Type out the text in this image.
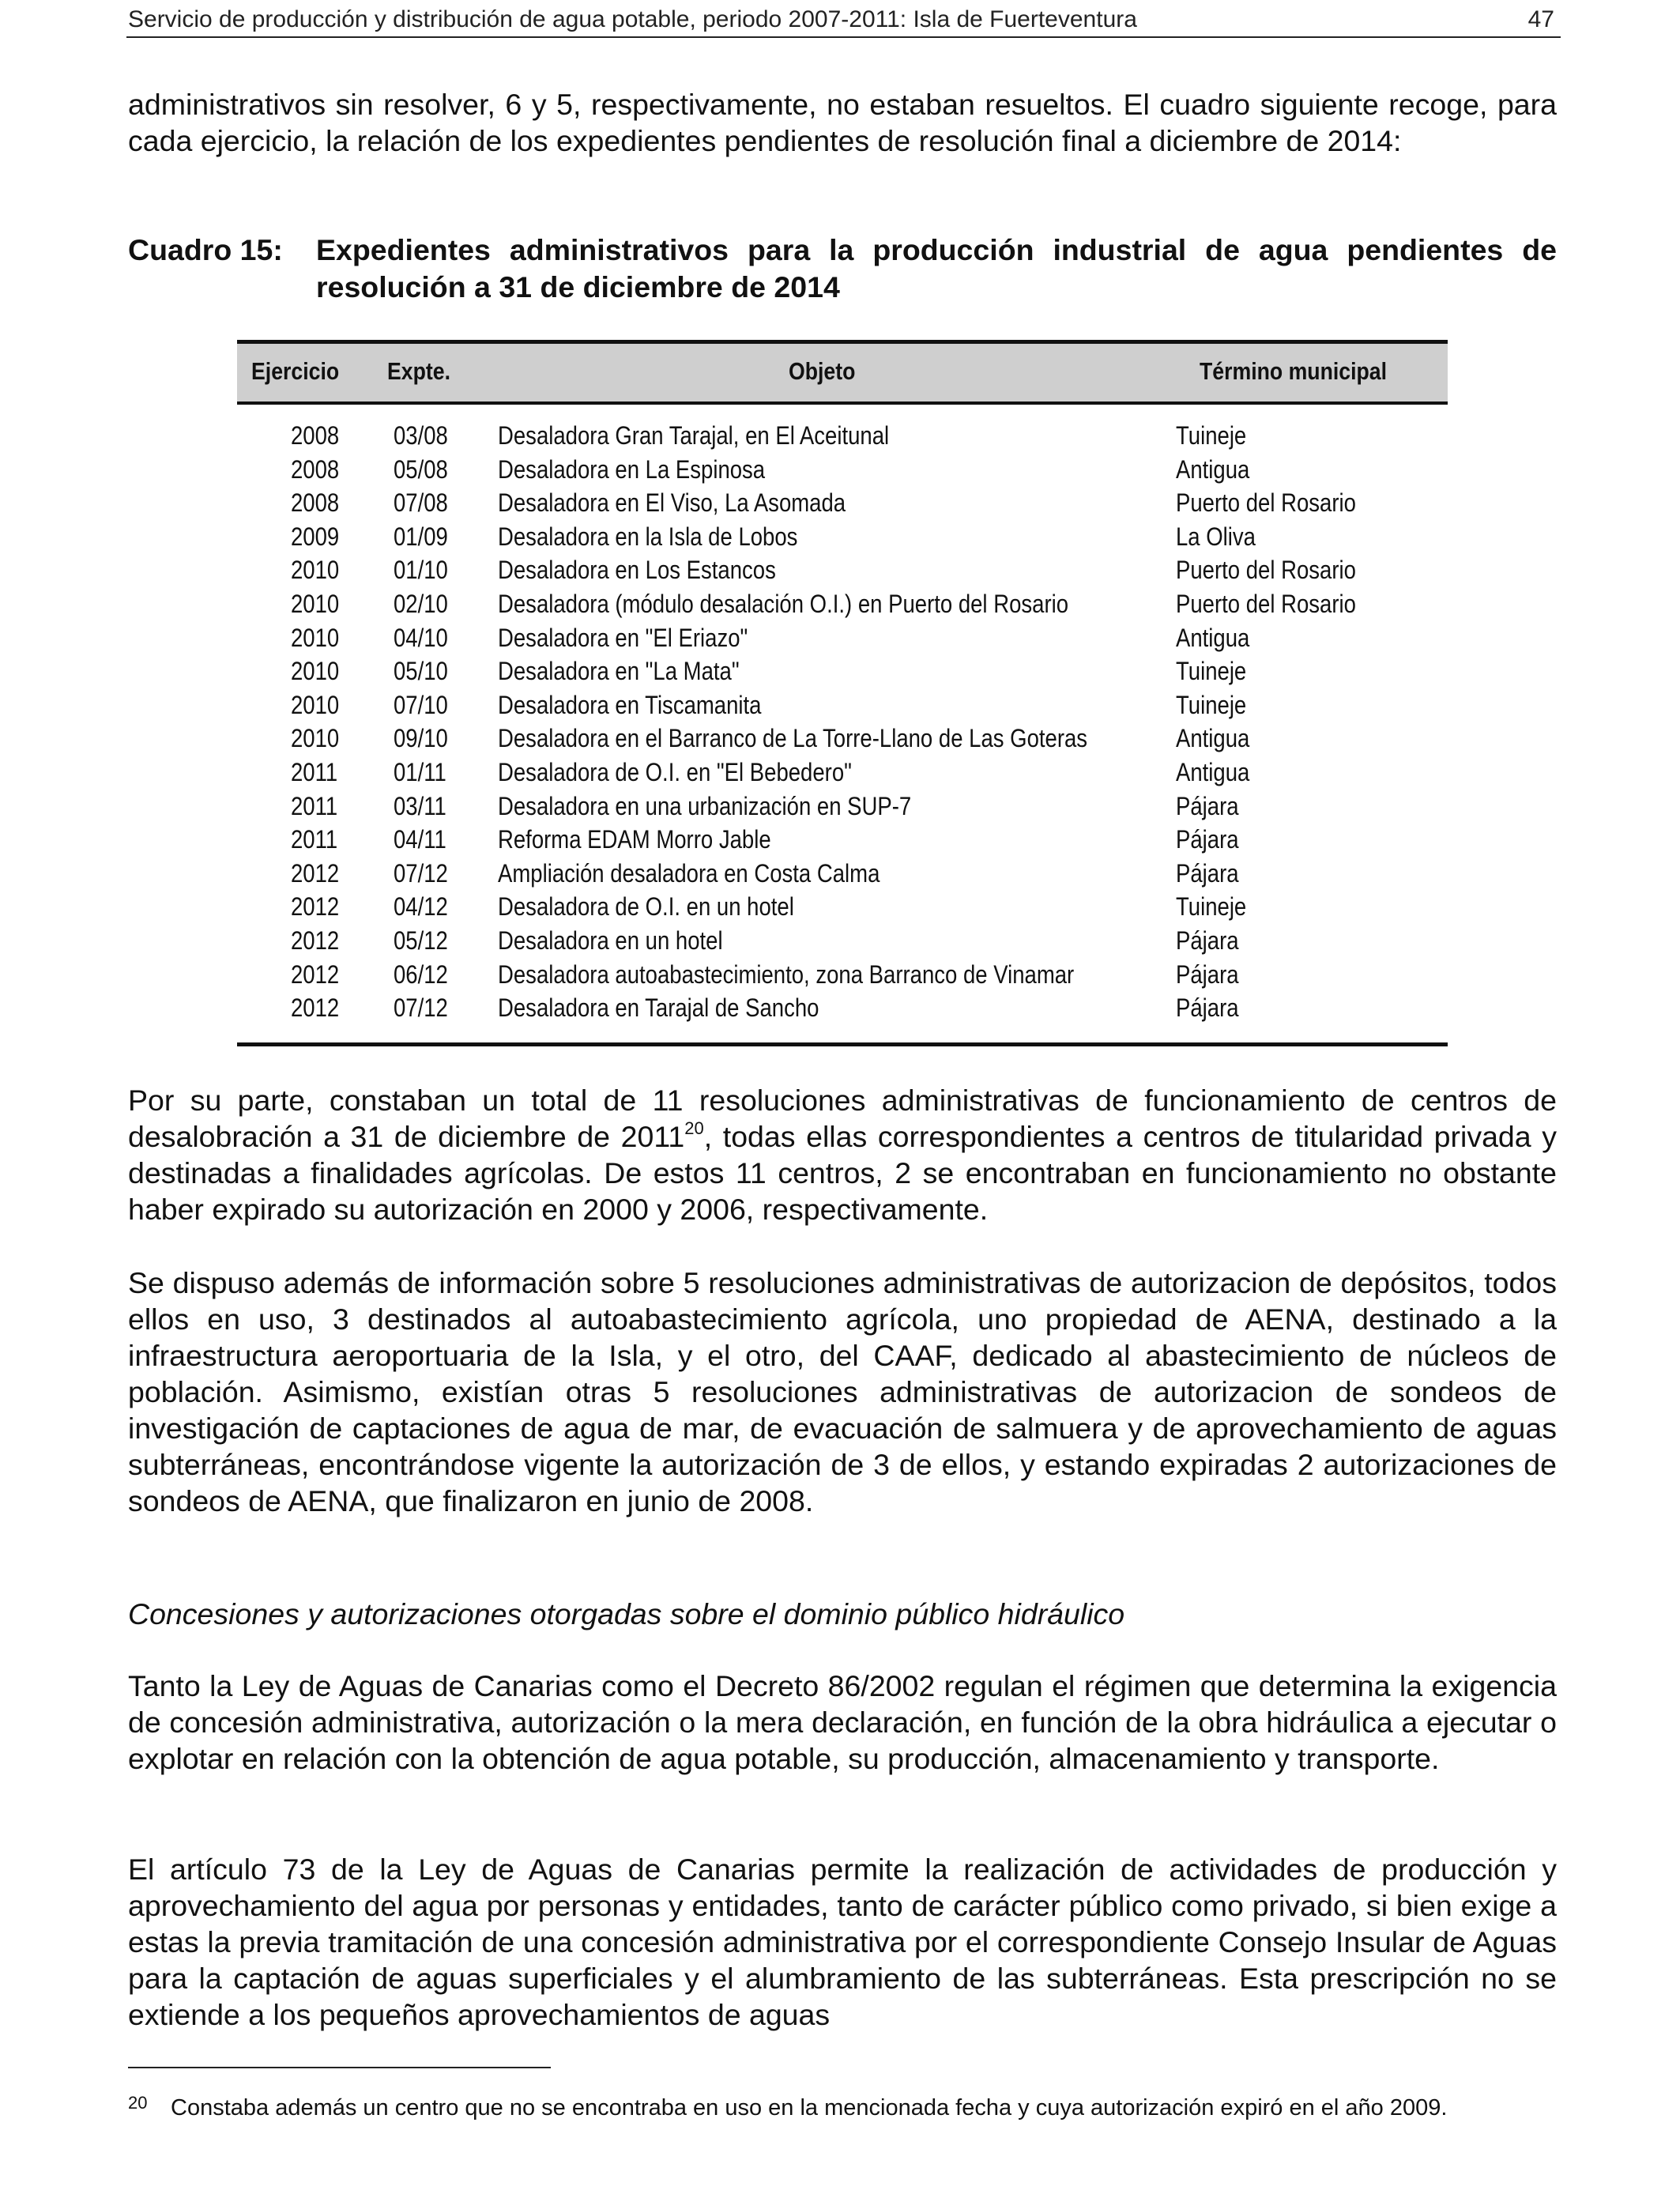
Servicio de producción y distribución de agua potable, periodo 2007-2011: Isla de Fuerteventura	47

administrativos sin resolver, 6 y 5, respectivamente, no estaban resueltos. El cuadro siguiente recoge, para cada ejercicio, la relación de los expedientes pendientes de resolución final a diciembre de 2014:

Cuadro 15: Expedientes administrativos para la producción industrial de agua pendientes de resolución a 31 de diciembre de 2014
Ejercicio	Expte.	Objeto	Término municipal
2008	03/08	Desaladora Gran Tarajal, en El Aceitunal	Tuineje
2008	05/08	Desaladora en La Espinosa	Antigua
2008	07/08	Desaladora en El Viso, La Asomada	Puerto del Rosario
2009	01/09	Desaladora en la Isla de Lobos	La Oliva
2010	01/10	Desaladora en Los Estancos	Puerto del Rosario
2010	02/10	Desaladora (módulo desalación O.I.) en Puerto del Rosario	Puerto del Rosario
2010	04/10	Desaladora en "El Eriazo"	Antigua
2010	05/10	Desaladora en "La Mata"	Tuineje
2010	07/10	Desaladora en Tiscamanita	Tuineje
2010	09/10	Desaladora en el Barranco de La Torre-Llano de Las Goteras	Antigua
2011	01/11	Desaladora de O.I. en "El Bebedero"	Antigua
2011	03/11	Desaladora en una urbanización en SUP-7	Pájara
2011	04/11	Reforma EDAM Morro Jable	Pájara
2012	07/12	Ampliación desaladora en Costa Calma	Pájara
2012	04/12	Desaladora de O.I. en un hotel	Tuineje
2012	05/12	Desaladora en un hotel	Pájara
2012	06/12	Desaladora autoabastecimiento, zona Barranco de Vinamar	Pájara
2012	07/12	Desaladora en Tarajal de Sancho	Pájara

Por su parte, constaban un total de 11 resoluciones administrativas de funcionamiento de centros de desalobración a 31 de diciembre de 2011$^{20}$, todas ellas correspondientes a centros de titularidad privada y destinadas a finalidades agrícolas. De estos 11 centros, 2 se encontraban en funcionamiento no obstante haber expirado su autorización en 2000 y 2006, respectivamente.

Se dispuso además de información sobre 5 resoluciones administrativas de autorizacion de depósitos, todos ellos en uso, 3 destinados al autoabastecimiento agrícola, uno propiedad de AENA, destinado a la infraestructura aeroportuaria de la Isla, y el otro, del CAAF, dedicado al abastecimiento de núcleos de población. Asimismo, existían otras 5 resoluciones administrativas de autorizacion de sondeos de investigación de captaciones de agua de mar, de evacuación de salmuera y de aprovechamiento de aguas subterráneas, encontrándose vigente la autorización de 3 de ellos, y estando expiradas 2 autorizaciones de sondeos de AENA, que finalizaron en junio de 2008.

Concesiones y autorizaciones otorgadas sobre el dominio público hidráulico

Tanto la Ley de Aguas de Canarias como el Decreto 86/2002 regulan el régimen que determina la exigencia de concesión administrativa, autorización o la mera declaración, en función de la obra hidráulica a ejecutar o explotar en relación con la obtención de agua potable, su producción, almacenamiento y transporte.

El artículo 73 de la Ley de Aguas de Canarias permite la realización de actividades de producción y aprovechamiento del agua por personas y entidades, tanto de carácter público como privado, si bien exige a estas la previa tramitación de una concesión administrativa por el correspondiente Consejo Insular de Aguas para la captación de aguas superficiales y el alumbramiento de las subterráneas. Esta prescripción no se extiende a los pequeños aprovechamientos de aguas

20 Constaba además un centro que no se encontraba en uso en la mencionada fecha y cuya autorización expiró en el año 2009.
